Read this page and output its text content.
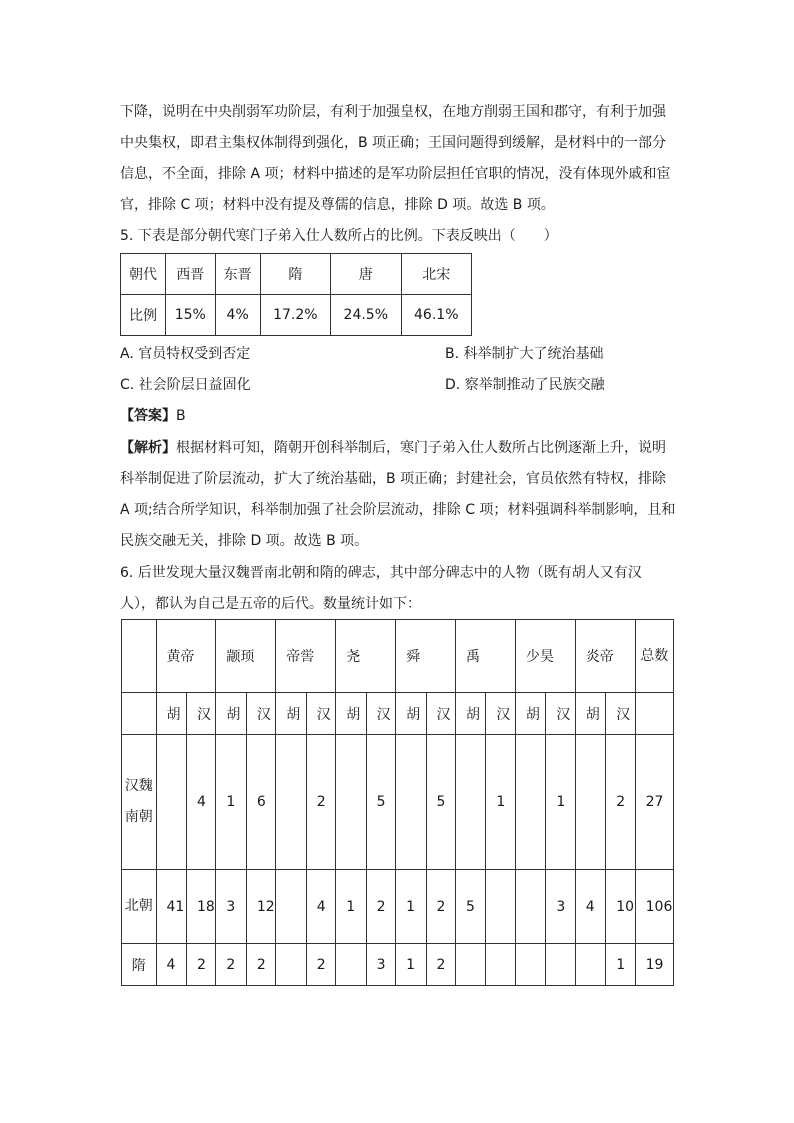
下降，说明在中央削弱军功阶层，有利于加强皇权，在地方削弱王国和郡守，有利于加强
中央集权，即君主集权体制得到强化，B 项正确；王国问题得到缓解，是材料中的一部分
信息，不全面，排除 A 项；材料中描述的是军功阶层担任官职的情况，没有体现外戚和宦
官，排除 C 项；材料中没有提及尊儒的信息，排除 D 项。故选 B 项。
5. 下表是部分朝代寒门子弟入仕人数所占的比例。下表反映出（　　）
朝代	西晋	东晋	隋	唐	北宋
比例	15%	4%	17.2%	24.5%	46.1%
A. 官员特权受到否定	B. 科举制扩大了统治基础
C. 社会阶层日益固化	D. 察举制推动了民族交融
【答案】B
【解析】根据材料可知，隋朝开创科举制后，寒门子弟入仕人数所占比例逐渐上升，说明
科举制促进了阶层流动，扩大了统治基础，B 项正确；封建社会，官员依然有特权，排除
A 项;结合所学知识，科举制加强了社会阶层流动，排除 C 项；材料强调科举制影响，且和
民族交融无关，排除 D 项。故选 B 项。
6. 后世发现大量汉魏晋南北朝和隋的碑志，其中部分碑志中的人物（既有胡人又有汉
人），都认为自己是五帝的后代。数量统计如下：
	黄帝		颛顼		帝喾		尧		舜		禹		少昊		炎帝		总数
	胡	汉	胡	汉	胡	汉	胡	汉	胡	汉	胡	汉	胡	汉	胡	汉	
汉魏南朝		4	1	6		2		5		5		1		1		2	27
北朝	41	18	3	12		4	1	2	1	2	5			3	4	10	106
隋	4	2	2	2		2		3	1	2						1	19
